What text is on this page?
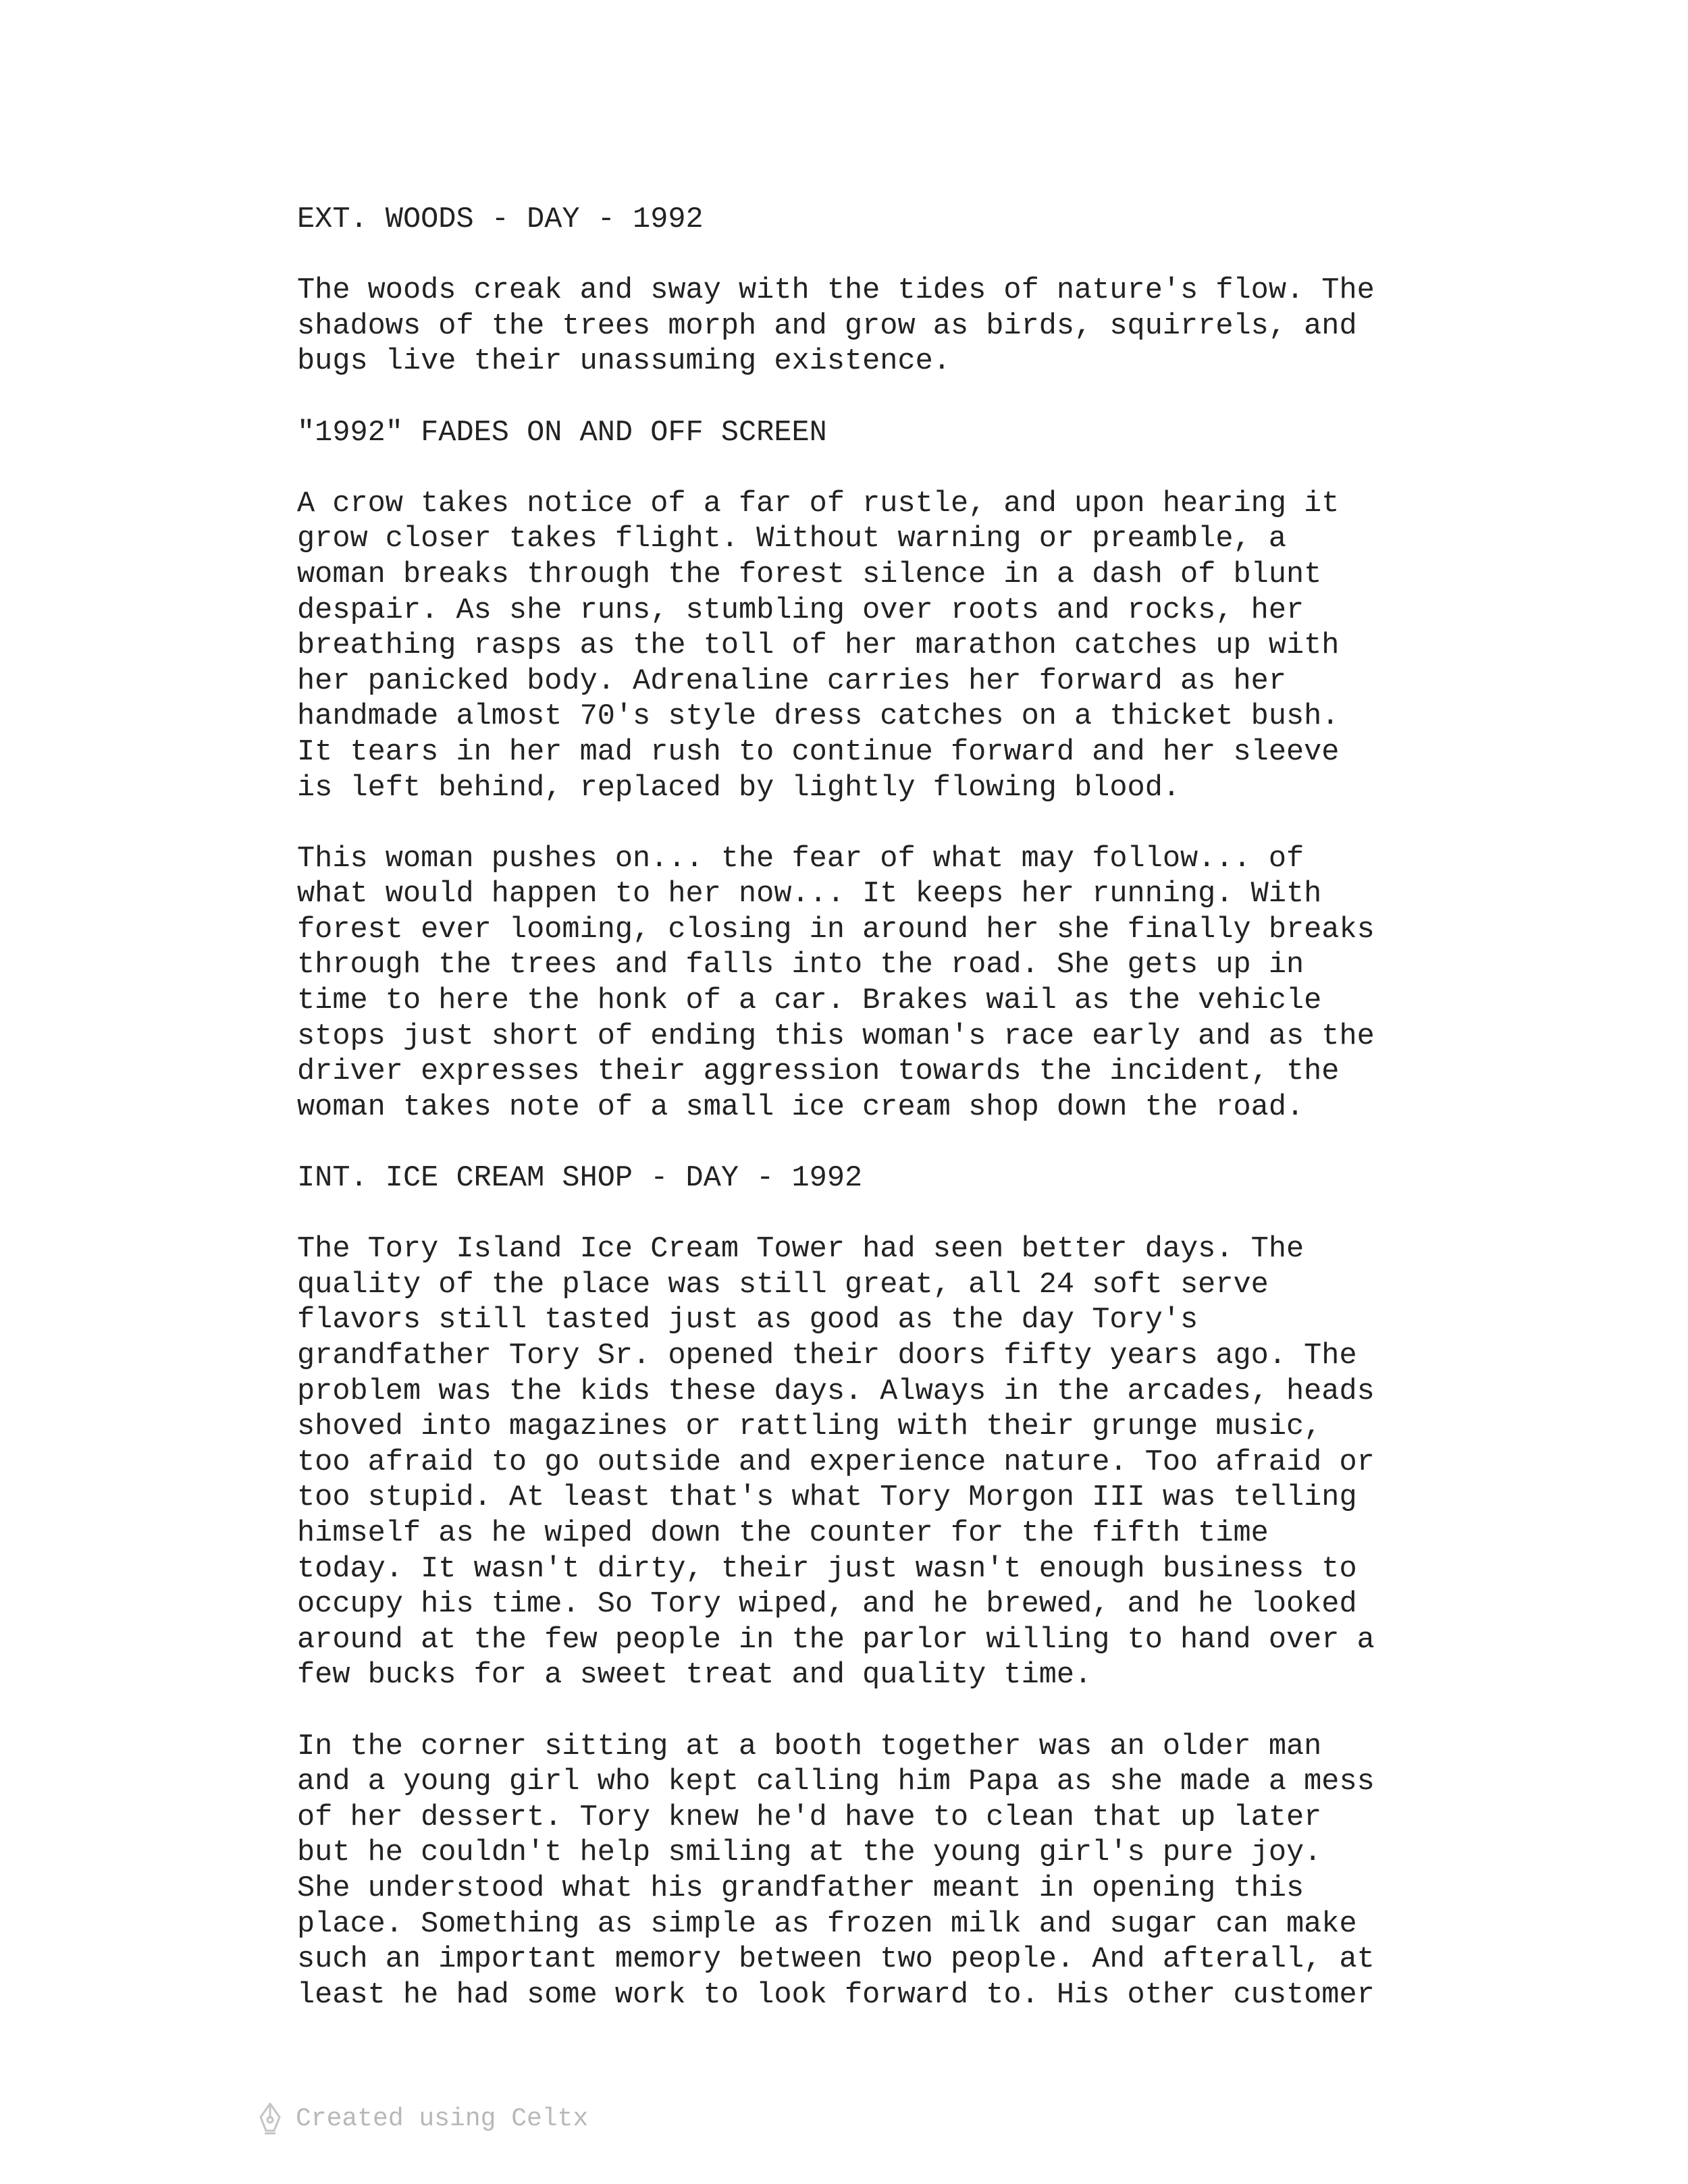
EXT. WOODS - DAY - 1992
The woods creak and sway with the tides of nature's flow. The
shadows of the trees morph and grow as birds, squirrels, and
bugs live their unassuming existence.
"1992" FADES ON AND OFF SCREEN
A crow takes notice of a far of rustle, and upon hearing it
grow closer takes flight. Without warning or preamble, a
woman breaks through the forest silence in a dash of blunt
despair. As she runs, stumbling over roots and rocks, her
breathing rasps as the toll of her marathon catches up with
her panicked body. Adrenaline carries her forward as her
handmade almost 70's style dress catches on a thicket bush.
It tears in her mad rush to continue forward and her sleeve
is left behind, replaced by lightly flowing blood.
This woman pushes on... the fear of what may follow... of
what would happen to her now... It keeps her running. With
forest ever looming, closing in around her she finally breaks
through the trees and falls into the road. She gets up in
time to here the honk of a car. Brakes wail as the vehicle
stops just short of ending this woman's race early and as the
driver expresses their aggression towards the incident, the
woman takes note of a small ice cream shop down the road.
INT. ICE CREAM SHOP - DAY - 1992
The Tory Island Ice Cream Tower had seen better days. The
quality of the place was still great, all 24 soft serve
flavors still tasted just as good as the day Tory's
grandfather Tory Sr. opened their doors fifty years ago. The
problem was the kids these days. Always in the arcades, heads
shoved into magazines or rattling with their grunge music,
too afraid to go outside and experience nature. Too afraid or
too stupid. At least that's what Tory Morgon III was telling
himself as he wiped down the counter for the fifth time
today. It wasn't dirty, their just wasn't enough business to
occupy his time. So Tory wiped, and he brewed, and he looked
around at the few people in the parlor willing to hand over a
few bucks for a sweet treat and quality time.
In the corner sitting at a booth together was an older man
and a young girl who kept calling him Papa as she made a mess
of her dessert. Tory knew he'd have to clean that up later
but he couldn't help smiling at the young girl's pure joy.
She understood what his grandfather meant in opening this
place. Something as simple as frozen milk and sugar can make
such an important memory between two people. And afterall, at
least he had some work to look forward to. His other customer
Created using Celtx
